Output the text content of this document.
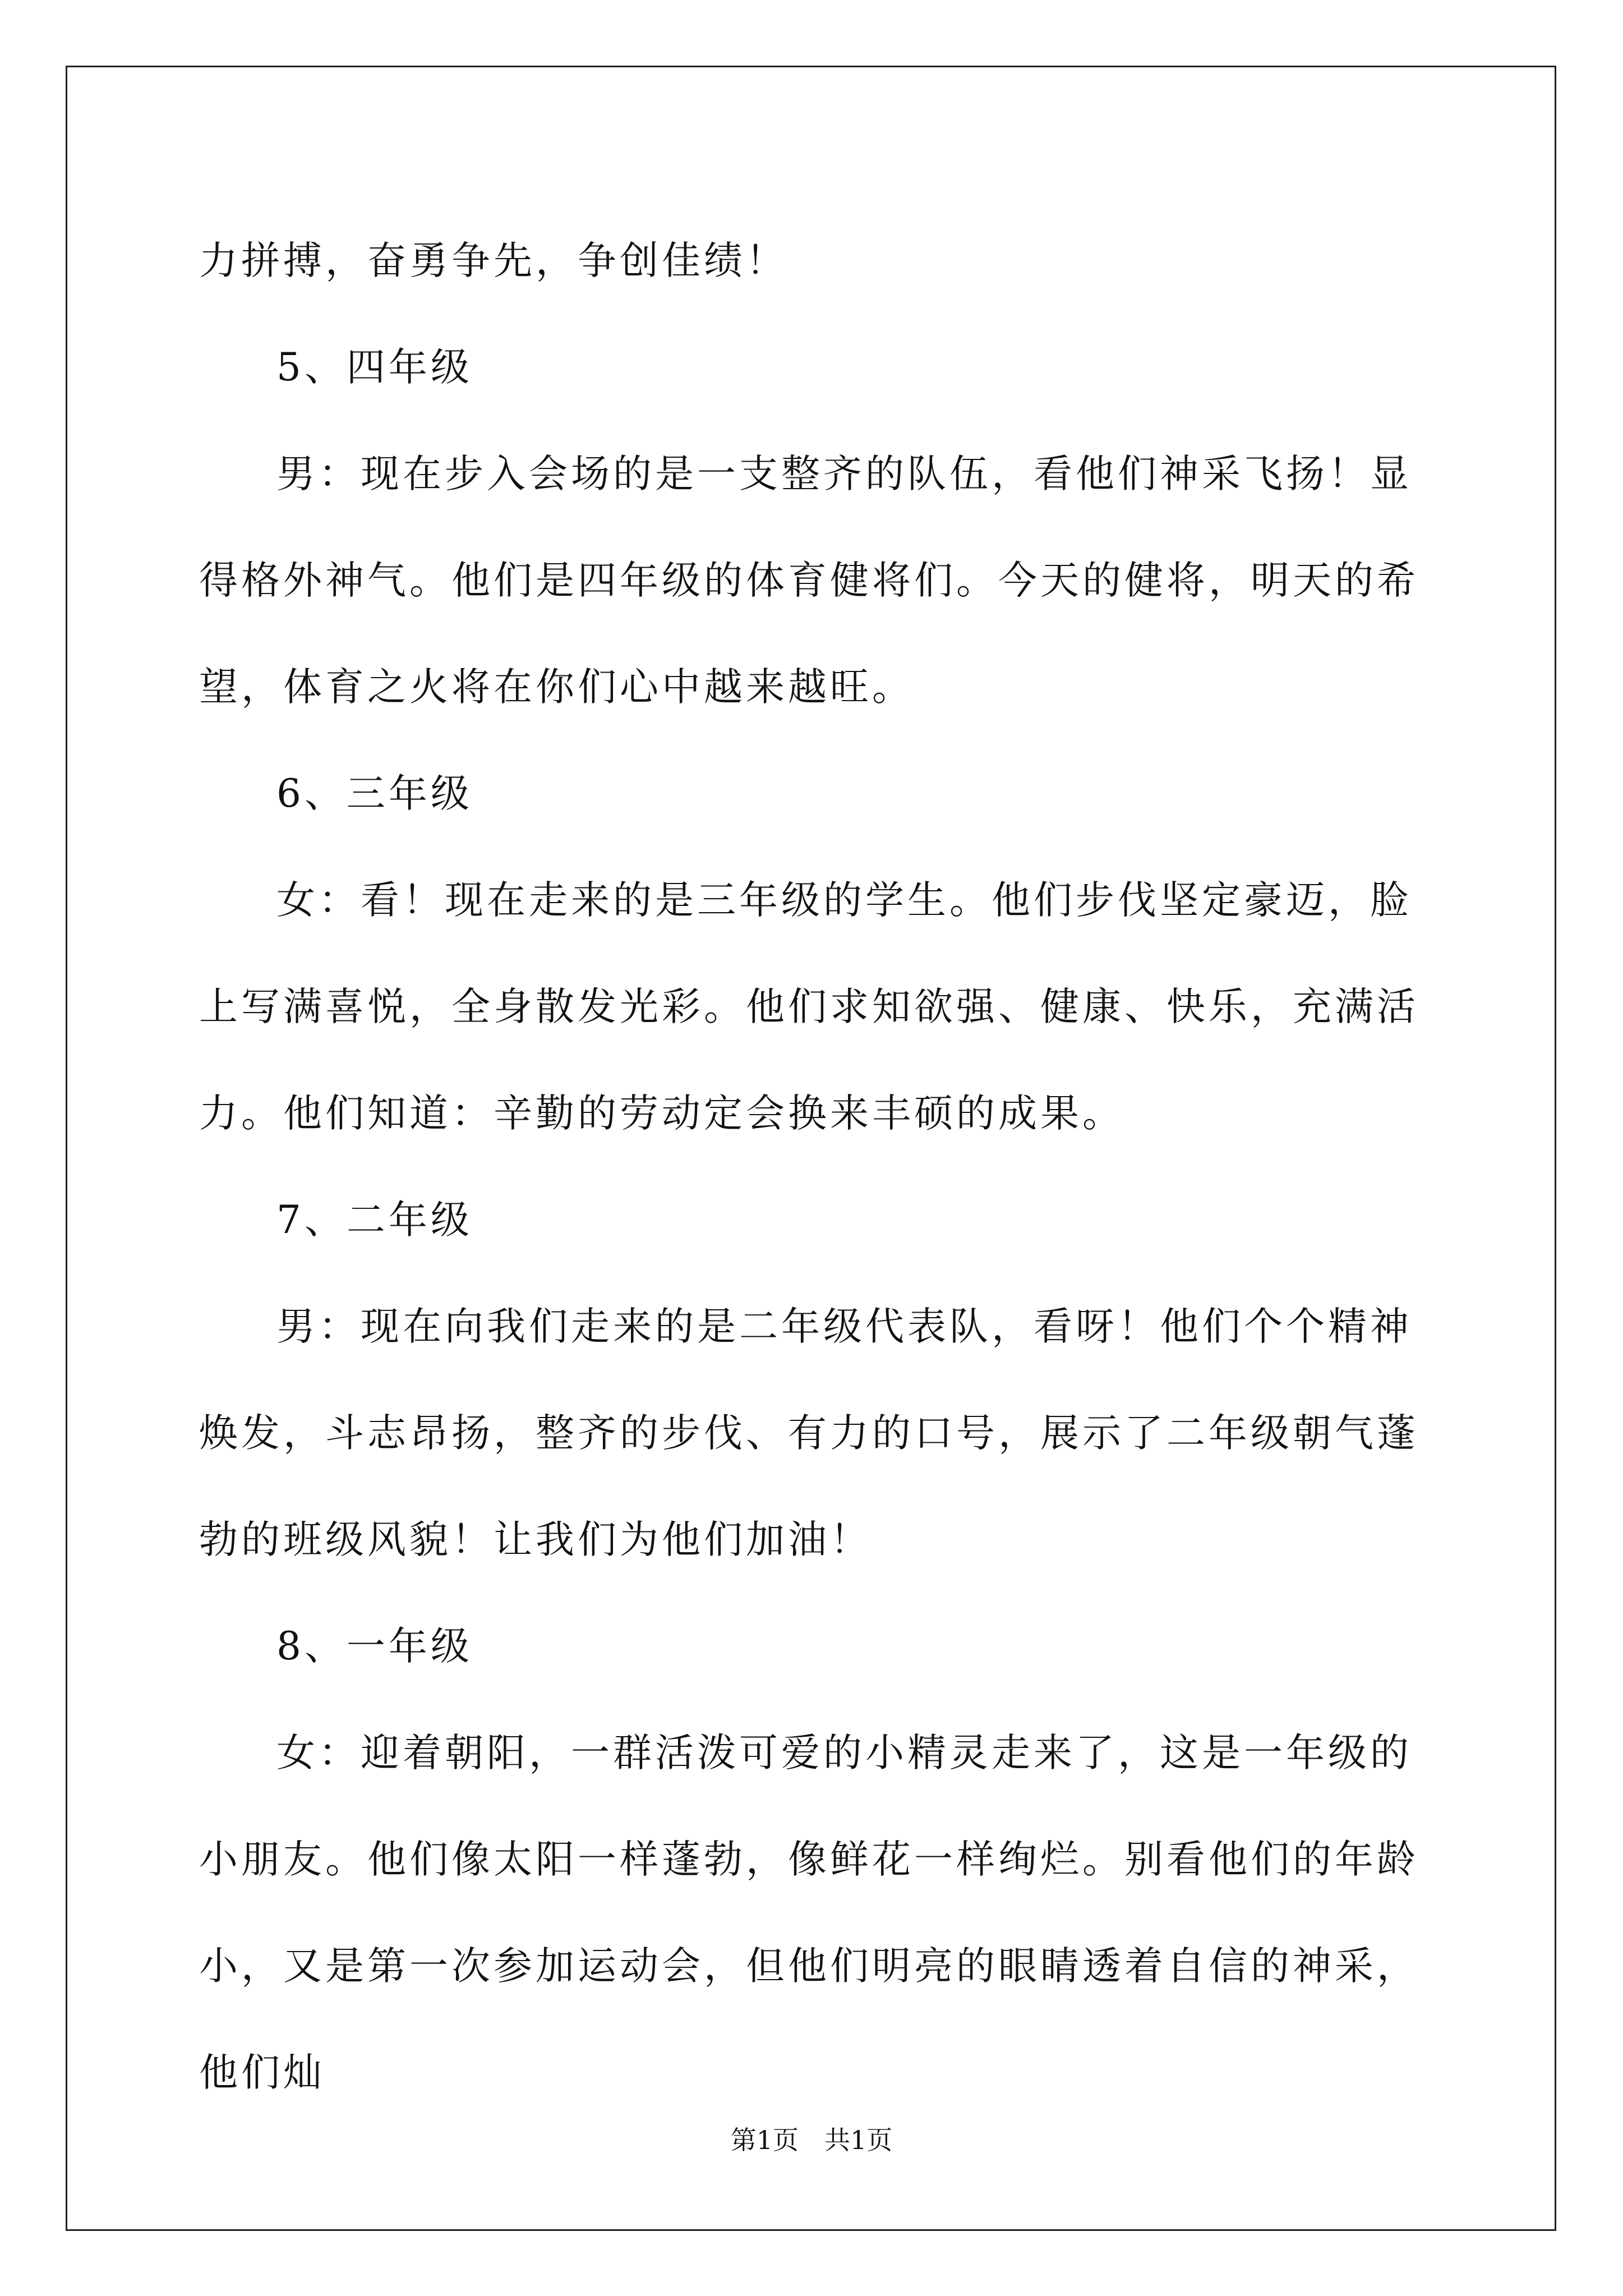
力拼搏，奋勇争先，争创佳绩！

5、四年级

男：现在步入会场的是一支整齐的队伍，看他们神采飞扬！显得格外神气。他们是四年级的体育健将们。今天的健将，明天的希望，体育之火将在你们心中越来越旺。

6、三年级

女：看！现在走来的是三年级的学生。他们步伐坚定豪迈，脸上写满喜悦，全身散发光彩。他们求知欲强、健康、快乐，充满活力。他们知道：辛勤的劳动定会换来丰硕的成果。

7、二年级

男：现在向我们走来的是二年级代表队，看呀！他们个个精神焕发，斗志昂扬，整齐的步伐、有力的口号，展示了二年级朝气蓬勃的班级风貌！让我们为他们加油！

8、一年级

女：迎着朝阳，一群活泼可爱的小精灵走来了，这是一年级的小朋友。他们像太阳一样蓬勃，像鲜花一样绚烂。别看他们的年龄小，又是第一次参加运动会，但他们明亮的眼睛透着自信的神采，他们灿

第1页 共1页
